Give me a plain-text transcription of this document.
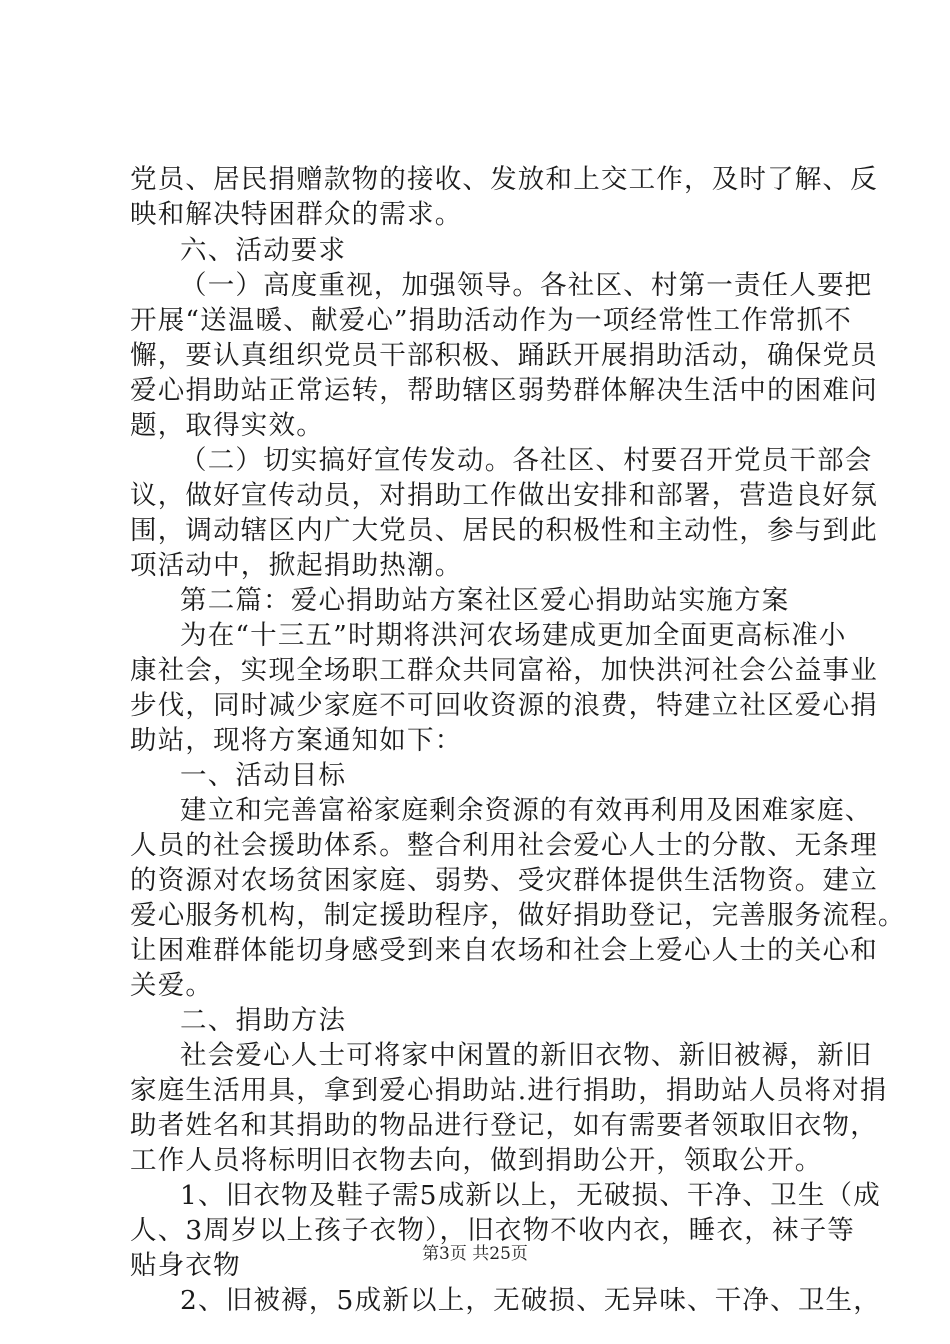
党员、居民捐赠款物的接收、发放和上交工作，及时了解、反
映和解决特困群众的需求。
六、活动要求
（一）高度重视，加强领导。各社区、村第一责任人要把
开展“送温暖、献爱心”捐助活动作为一项经常性工作常抓不
懈，要认真组织党员干部积极、踊跃开展捐助活动，确保党员
爱心捐助站正常运转，帮助辖区弱势群体解决生活中的困难问
题，取得实效。
（二）切实搞好宣传发动。各社区、村要召开党员干部会
议，做好宣传动员，对捐助工作做出安排和部署，营造良好氛
围，调动辖区内广大党员、居民的积极性和主动性，参与到此
项活动中，掀起捐助热潮。
第二篇：爱心捐助站方案社区爱心捐助站实施方案
为在“十三五”时期将洪河农场建成更加全面更高标准小
康社会，实现全场职工群众共同富裕，加快洪河社会公益事业
步伐，同时减少家庭不可回收资源的浪费，特建立社区爱心捐
助站，现将方案通知如下：
一、活动目标
建立和完善富裕家庭剩余资源的有效再利用及困难家庭、
人员的社会援助体系。整合利用社会爱心人士的分散、无条理
的资源对农场贫困家庭、弱势、受灾群体提供生活物资。建立
爱心服务机构，制定援助程序，做好捐助登记，完善服务流程。
让困难群体能切身感受到来自农场和社会上爱心人士的关心和
关爱。
二、捐助方法
社会爱心人士可将家中闲置的新旧衣物、新旧被褥，新旧
家庭生活用具，拿到爱心捐助站.进行捐助，捐助站人员将对捐
助者姓名和其捐助的物品进行登记，如有需要者领取旧衣物，
工作人员将标明旧衣物去向，做到捐助公开，领取公开。
1、旧衣物及鞋子需5成新以上，无破损、干净、卫生（成
人、3周岁以上孩子衣物），旧衣物不收内衣，睡衣，袜子等
贴身衣物
2、旧被褥，5成新以上，无破损、无异味、干净、卫生，
第3页 共25页
